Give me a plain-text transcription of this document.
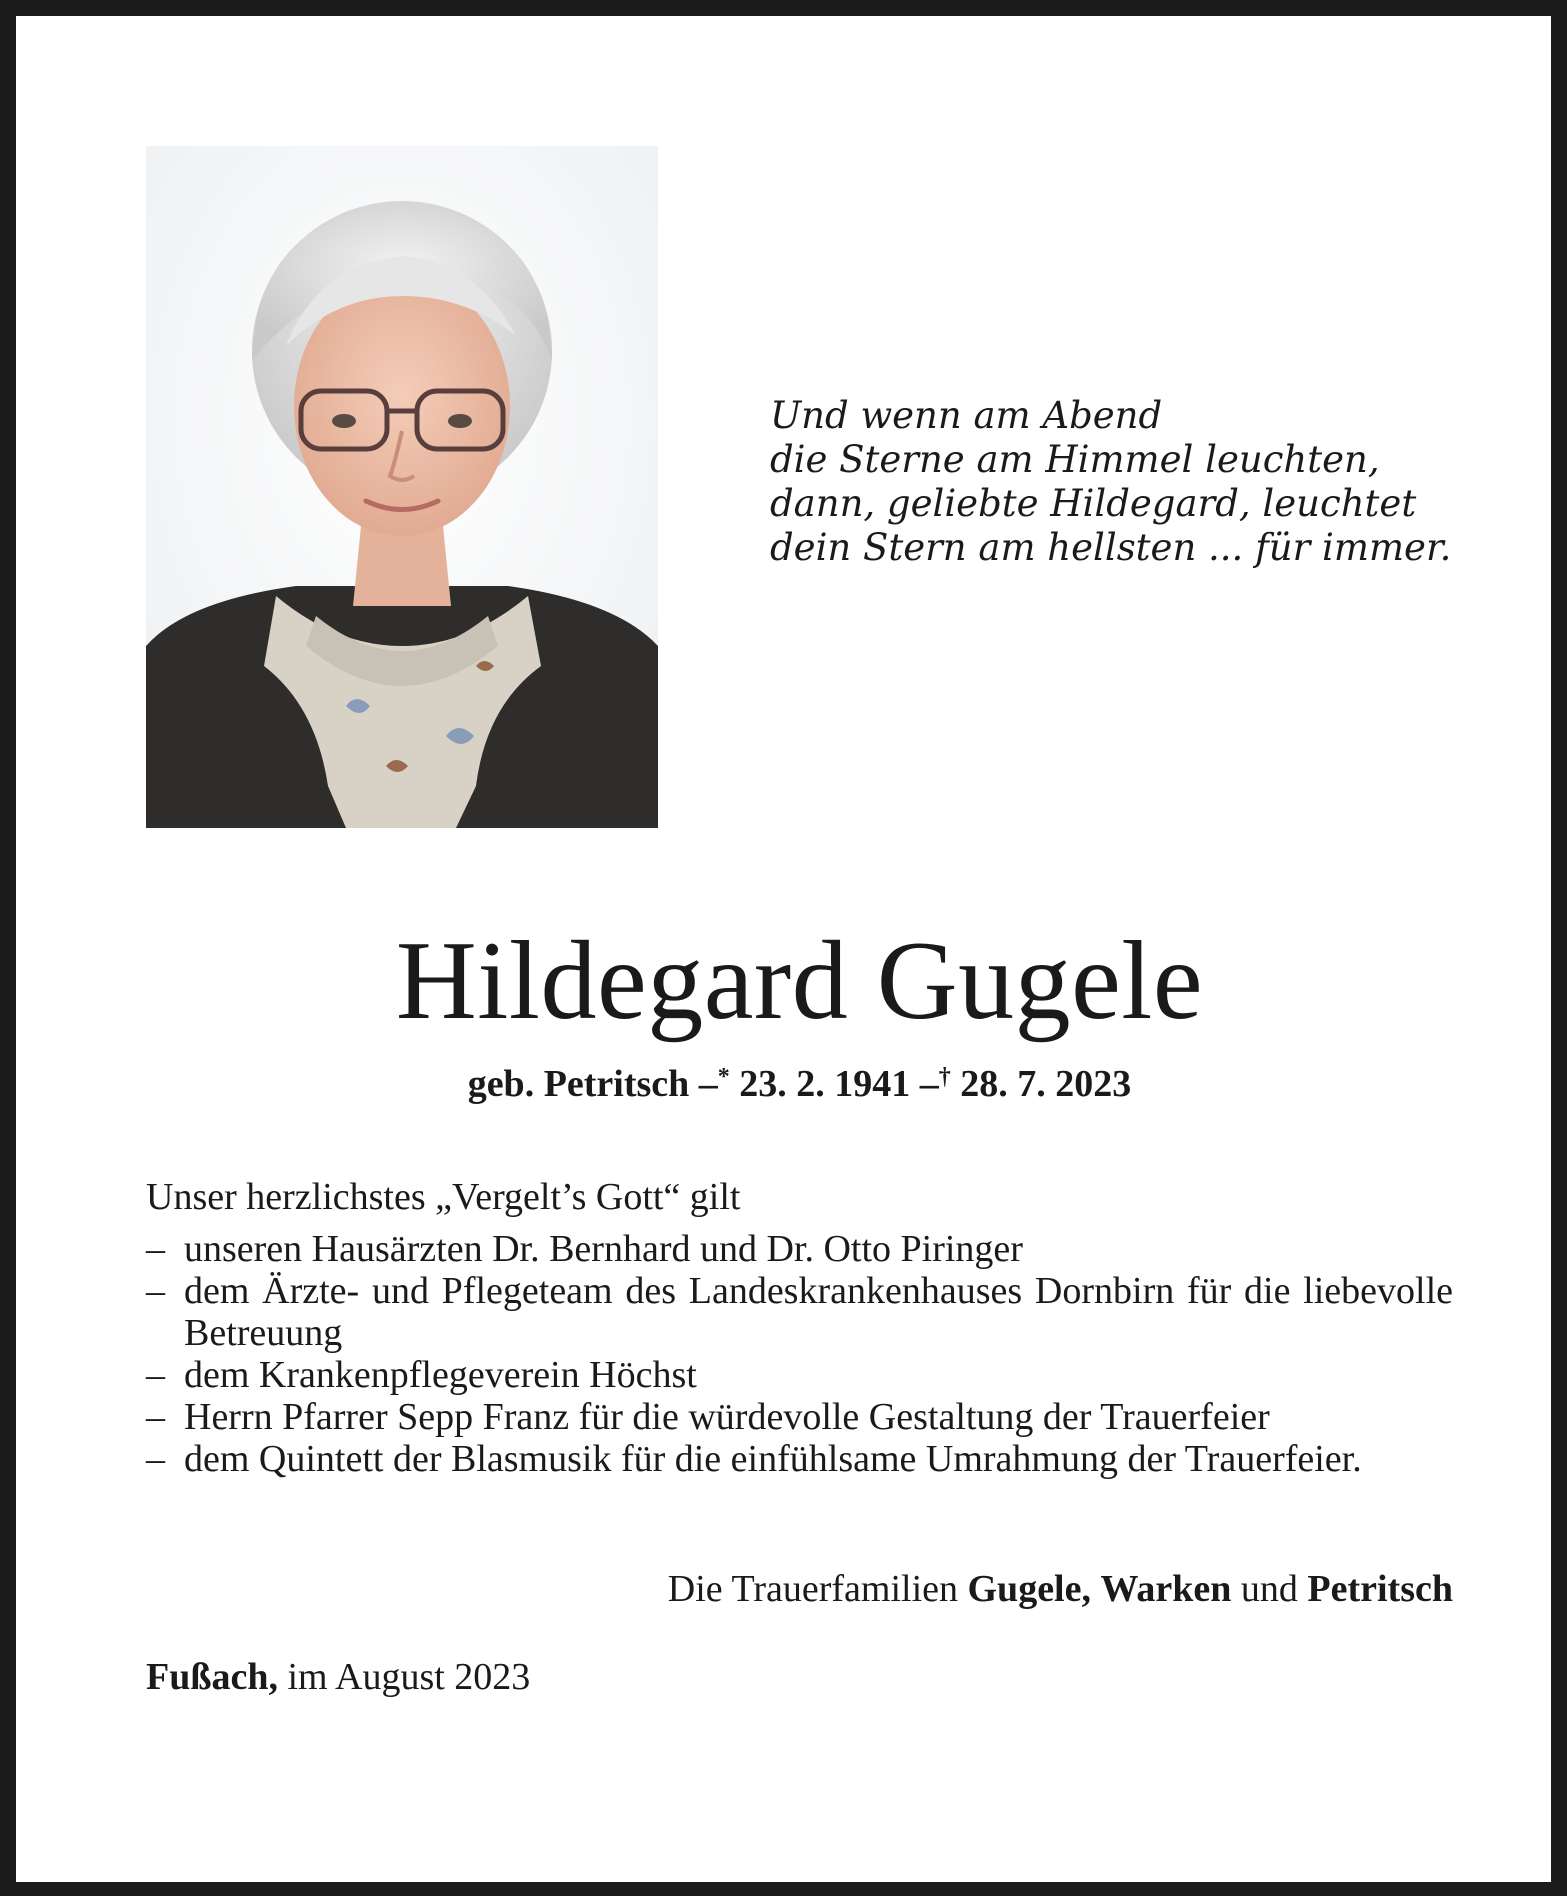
Und wenn am Abend
die Sterne am Himmel leuchten,
dann, geliebte Hildegard, leuchtet
dein Stern am hellsten ... für immer.
Hildegard Gugele
geb. Petritsch –* 23. 2. 1941 –† 28. 7. 2023
Unser herzlichstes „Vergelt’s Gott“ gilt
– unseren Hausärzten Dr. Bernhard und Dr. Otto Piringer
– dem Ärzte- und Pflegeteam des Landeskrankenhauses Dornbirn für die liebevolle Betreuung
– dem Krankenpflegeverein Höchst
– Herrn Pfarrer Sepp Franz für die würdevolle Gestaltung der Trauerfeier
– dem Quintett der Blasmusik für die einfühlsame Umrahmung der Trauerfeier.
Die Trauerfamilien Gugele, Warken und Petritsch
Fußach, im August 2023
